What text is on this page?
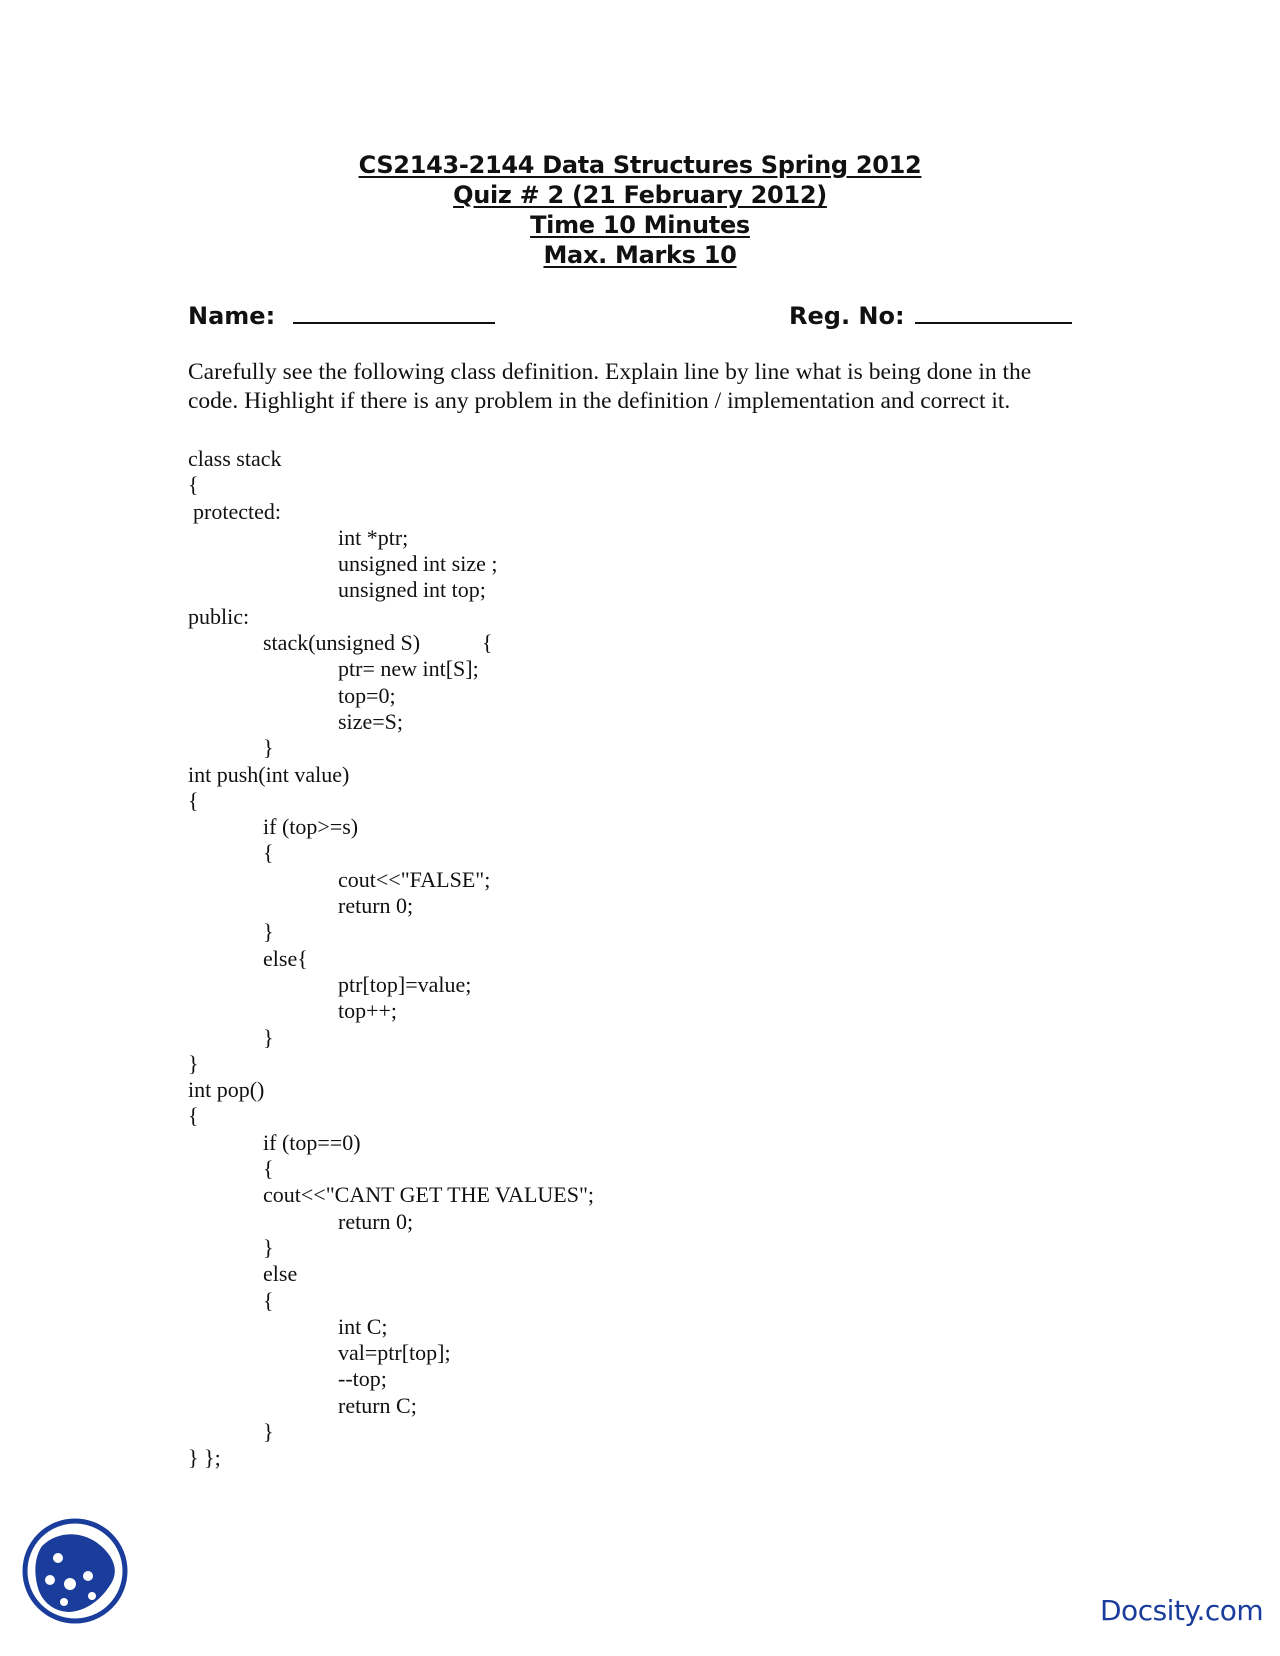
CS2143-2144 Data Structures Spring 2012
Quiz # 2 (21 February 2012)
Time 10 Minutes
Max. Marks 10
Name:	Reg. No:
Carefully see the following class definition. Explain line by line what is being done in the
code. Highlight if there is any problem in the definition / implementation and correct it.
class stack
{
protected:
int *ptr;
unsigned int size ;
unsigned int top;
public:
stack(unsigned S)	{
ptr= new int[S];
top=0;
size=S;
}
int push(int value)
{
if (top>=s)
{
cout<<"FALSE";
return 0;
}
else{
ptr[top]=value;
top++;
}
}
int pop()
{
if (top==0)
{
cout<<"CANT GET THE VALUES";
return 0;
}
else
{
int C;
val=ptr[top];
--top;
return C;
}
} };
Docsity.com
